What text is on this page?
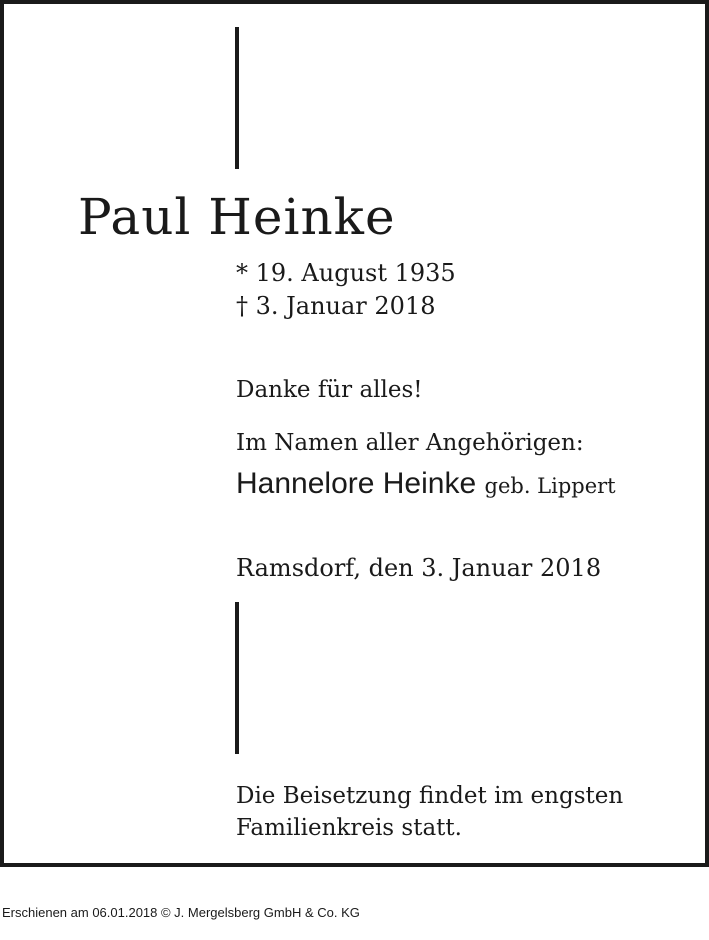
Paul Heinke
* 19. August 1935
† 3. Januar 2018
Danke für alles!
Im Namen aller Angehörigen:
Hannelore Heinke geb. Lippert
Ramsdorf, den 3. Januar 2018
Die Beisetzung findet im engsten
Familienkreis statt.
Erschienen am 06.01.2018 © J. Mergelsberg GmbH & Co. KG
